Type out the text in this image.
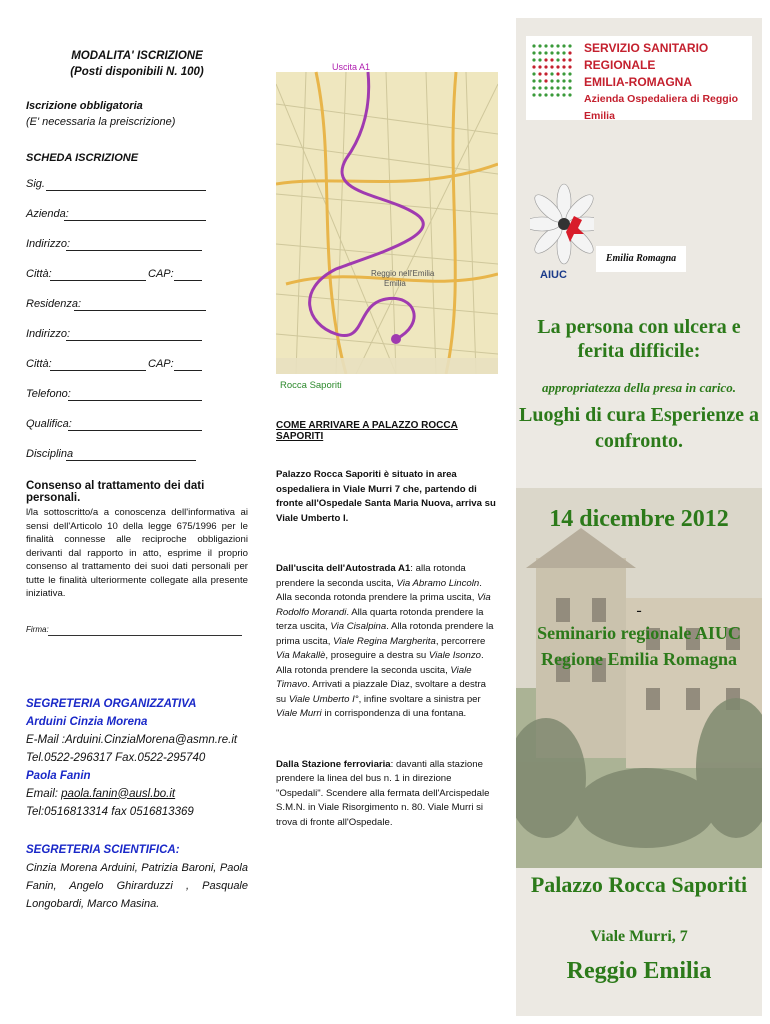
MODALITA' ISCRIZIONE
(Posti disponibili N. 100)
Iscrizione obbligatoria
(E' necessaria la preiscrizione)
SCHEDA ISCRIZIONE
Sig.
Azienda:
Indirizzo:
Città:	CAP:
Residenza:
Indirizzo:
Città:	CAP:
Telefono:
Qualifica:
Disciplina
Consenso al trattamento dei dati personali.
l/la sottoscritto/a a conoscenza dell'informativa ai sensi dell'Articolo 10 della legge 675/1996 per le finalità connesse alle reciproche obbligazioni derivanti dal rapporto in atto, esprime il proprio consenso al trattamento dei suoi dati personali per tutte le finalità ulteriormente collegate alla presente iniziativa.
Firma:
SEGRETERIA ORGANIZZATIVA
Arduini Cinzia Morena
E-Mail :Arduini.CinziaMorena@asmn.re.it
Tel.0522-296317 Fax.0522-295740
Paola Fanin
Email: paola.fanin@ausl.bo.it
Tel:0516813314 fax 0516813369
SEGRETERIA SCIENTIFICA:
Cinzia Morena Arduini, Patrizia Baroni, Paola Fanin, Angelo Ghirarduzzi , Pasquale Longobardi, Marco Masina.
Reggio nell'Emilia
Emilia
Uscita A1
Rocca Saporiti
COME ARRIVARE A PALAZZO ROCCA SAPORITI
Palazzo Rocca Saporiti è situato in area ospedaliera in Viale Murri 7 che, partendo di fronte all'Ospedale Santa Maria Nuova, arriva su Viale Umberto I.
Dall'uscita dell'Autostrada A1: alla rotonda prendere la seconda uscita, Via Abramo Lincoln. Alla seconda rotonda prendere la prima uscita, Via Rodolfo Morandi. Alla quarta rotonda prendere la terza uscita, Via Cisalpina. Alla rotonda prendere la prima uscita, Viale Regina Margherita, percorrere Via Makallè, proseguire a destra su Viale Isonzo. Alla rotonda prendere la seconda uscita, Viale Timavo. Arrivati a piazzale Diaz, svoltare a destra su Viale Umberto I°, infine svoltare a sinistra per Viale Murri in corrispondenza di una fontana.
Dalla Stazione ferroviaria: davanti alla stazione prendere la linea del bus n. 1 in direzione "Ospedali". Scendere alla fermata dell'Arcispedale S.M.N. in Viale Risorgimento n. 80. Viale Murri si trova di fronte all'Ospedale.
SERVIZIO SANITARIO REGIONALE
EMILIA-ROMAGNA
Azienda Ospedaliera di Reggio Emilia
AIUC
Emilia Romagna
La persona con ulcera e ferita difficile:
appropriatezza della presa in carico.
Luoghi di cura Esperienze a confronto.
14 dicembre 2012
-
Seminario regionale AIUC Regione Emilia Romagna
Palazzo Rocca Saporiti
Viale Murri, 7
Reggio Emilia
